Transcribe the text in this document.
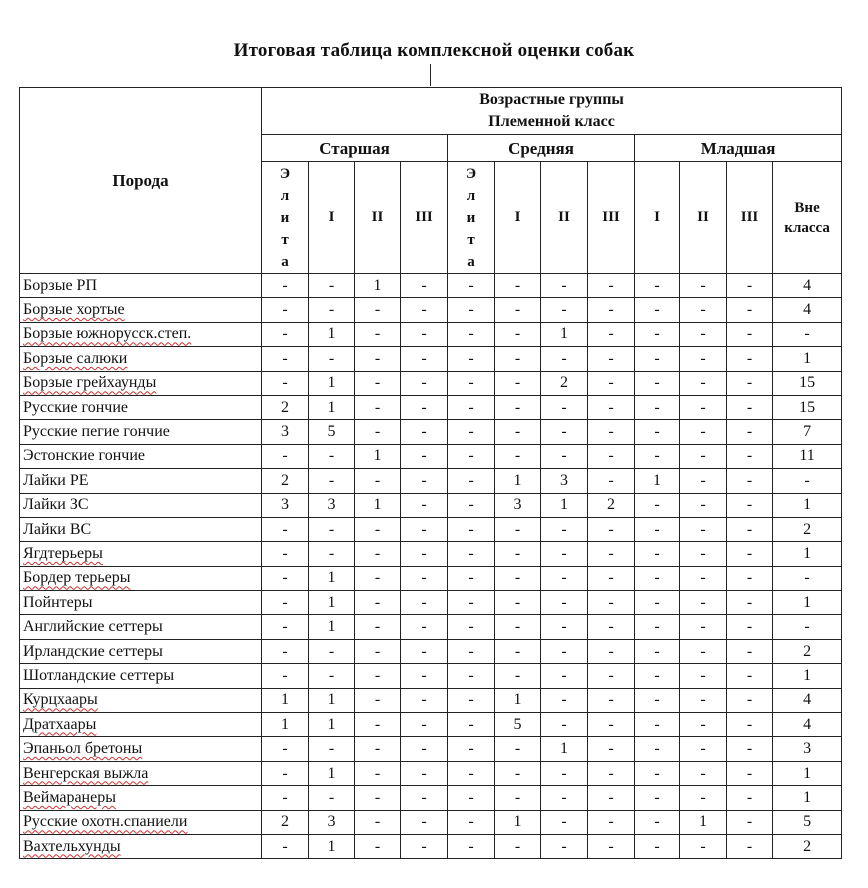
Итоговая таблица комплексной оценки собак
Порода	Возрастные группы
Племенной класс											

	Старшая				Средняя				Младшая			

	Э
л
и
т
а	I	II	III	Э
л
и
т
а	I	II	III	I	II	III	Вне класса
Борзые РП	-	-	1	-	-	-	-	-	-	-	-	4
Борзые хортые	-	-	-	-	-	-	-	-	-	-	-	4
Борзые южнорусск.степ.	-	1	-	-	-	-	1	-	-	-	-	-
Борзые салюки	-	-	-	-	-	-	-	-	-	-	-	1
Борзые грейхаунды	-	1	-	-	-	-	2	-	-	-	-	15
Русские гончие	2	1	-	-	-	-	-	-	-	-	-	15
Русские пегие гончие	3	5	-	-	-	-	-	-	-	-	-	7
Эстонские гончие	-	-	1	-	-	-	-	-	-	-	-	11
Лайки РЕ	2	-	-	-	-	1	3	-	1	-	-	-
Лайки ЗС	3	3	1	-	-	3	1	2	-	-	-	1
Лайки ВС	-	-	-	-	-	-	-	-	-	-	-	2
Ягдтерьеры	-	-	-	-	-	-	-	-	-	-	-	1
Бордер терьеры	-	1	-	-	-	-	-	-	-	-	-	-
Пойнтеры	-	1	-	-	-	-	-	-	-	-	-	1
Английские сеттеры	-	1	-	-	-	-	-	-	-	-	-	-
Ирландские сеттеры	-	-	-	-	-	-	-	-	-	-	-	2
Шотландские сеттеры	-	-	-	-	-	-	-	-	-	-	-	1
Курцхаары	1	1	-	-	-	1	-	-	-	-	-	4
Дратхаары	1	1	-	-	-	5	-	-	-	-	-	4
Эпаньол бретоны	-	-	-	-	-	-	1	-	-	-	-	3
Венгерская выжла	-	1	-	-	-	-	-	-	-	-	-	1
Веймаранеры	-	-	-	-	-	-	-	-	-	-	-	1
Русские охотн.спаниели	2	3	-	-	-	1	-	-	-	1	-	5
Вахтельхунды	-	1	-	-	-	-	-	-	-	-	-	2
